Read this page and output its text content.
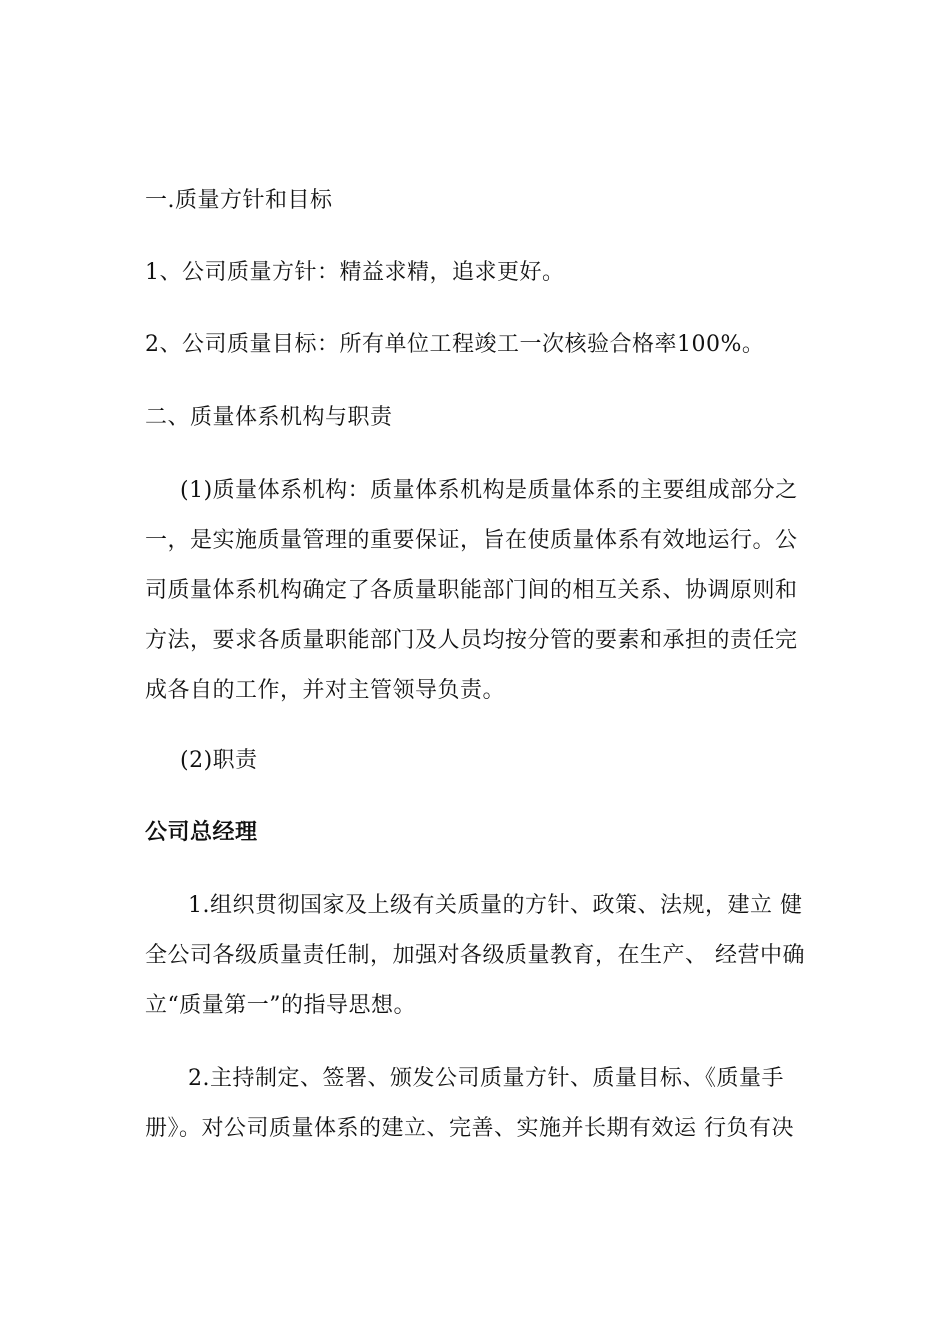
一.质量方针和目标
1、公司质量方针：精益求精，追求更好。
2、公司质量目标：所有单位工程竣工一次核验合格率100%。
二、质量体系机构与职责
(1)质量体系机构：质量体系机构是质量体系的主要组成部分之
一，是实施质量管理的重要保证，旨在使质量体系有效地运行。公
司质量体系机构确定了各质量职能部门间的相互关系、协调原则和
方法，要求各质量职能部门及人员均按分管的要素和承担的责任完
成各自的工作，并对主管领导负责。
(2)职责
公司总经理
1.组织贯彻国家及上级有关质量的方针、政策、法规，建立 健
全公司各级质量责任制，加强对各级质量教育，在生产、 经营中确
立“质量第一”的指导思想。
2.主持制定、签署、颁发公司质量方针、质量目标、《质量手
册》。对公司质量体系的建立、完善、实施并长期有效运 行负有决
